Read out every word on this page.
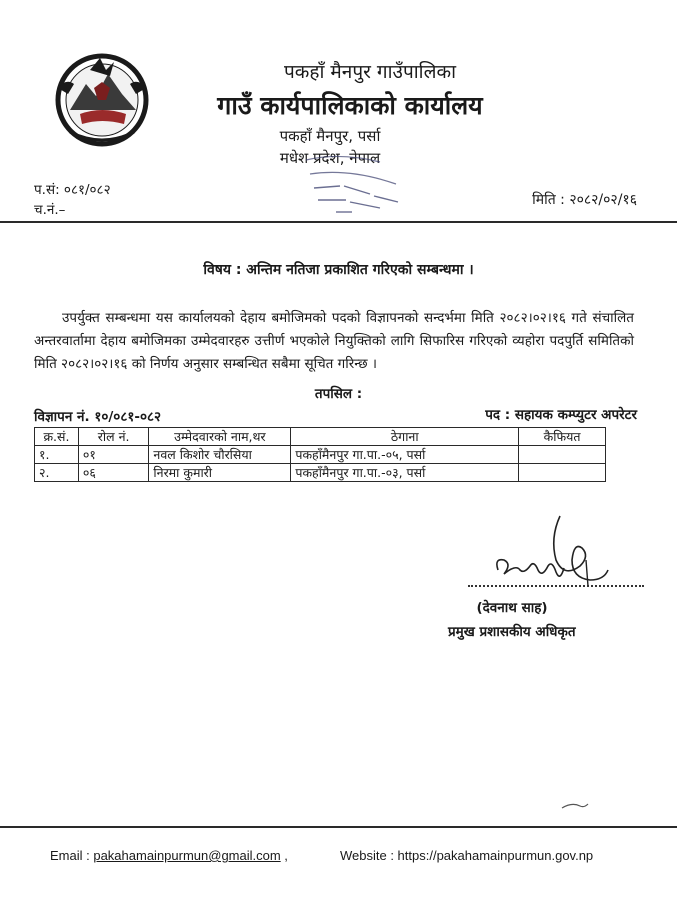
पकहाँ मैनपुर गाउँपालिका
गाउँ कार्यपालिकाको कार्यालय
पकहाँ मैनपुर, पर्सा
मधेश प्रदेश, नेपाल
प.सं: ०८१/०८२
च.नं.–
मिति : २०८२/०२/१६
विषय : अन्तिम नतिजा प्रकाशित गरिएको सम्बन्धमा ।
उपर्युक्त सम्बन्धमा यस कार्यालयको देहाय बमोजिमको पदको विज्ञापनको सन्दर्भमा मिति २०८२।०२।१६ गते संचालित अन्तरवार्तामा देहाय बमोजिमका उम्मेदवारहरु उत्तीर्ण भएकोले नियुक्तिको लागि सिफारिस गरिएको व्यहोरा पदपुर्ति समितिको मिति २०८२।०२।१६ को निर्णय अनुसार सम्बन्धित सबैमा सूचित गरिन्छ ।
तपसिल :
विज्ञापन नं. १०/०८१-०८२	पद : सहायक कम्प्युटर अपरेटर
क्र.सं.	रोल नं.	उम्मेदवारको नाम,थर	ठेगाना	कैफियत
१.	०१	नवल किशोर चौरसिया	पकहाँमैनपुर गा.पा.-०५, पर्सा	
२.	०६	निरमा कुमारी	पकहाँमैनपुर गा.पा.-०३, पर्सा	
(देवनाथ साह)
प्रमुख प्रशासकीय अधिकृत
Email : pakahamainpurmun@gmail.com ,	Website : https://pakahamainpurmun.gov.np
